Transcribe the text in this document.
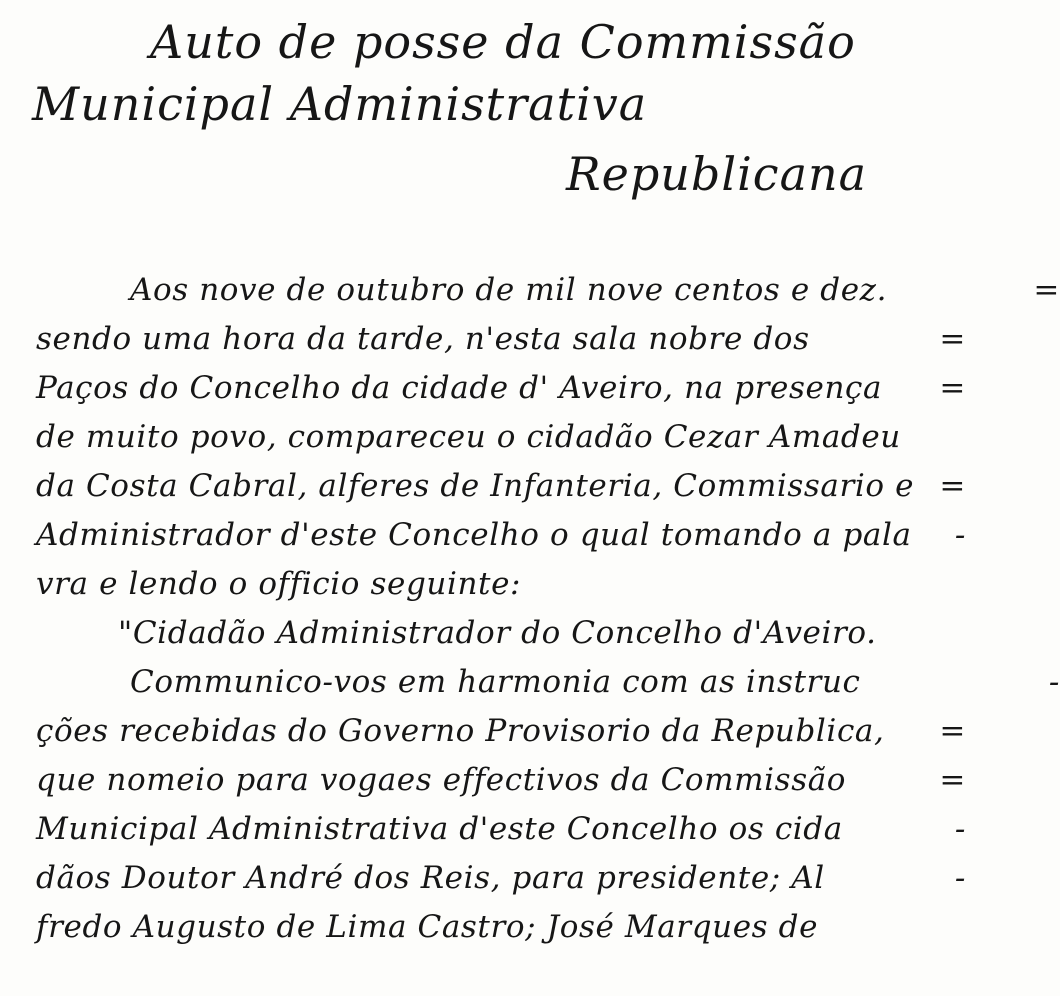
Auto de posse da Commissão
Municipal Administrativa
Republicana
Aos nove de outubro de mil nove centos e dez.	=
sendo uma hora da tarde, n'esta sala nobre dos	=
Paços do Concelho da cidade d' Aveiro, na presença =
de muito povo, compareceu o cidadão Cezar Amadeu
da Costa Cabral, alferes de Infanteria, Commissario e =
Administrador d'este Concelho o qual tomando a pala -
vra e lendo o officio seguinte:
"Cidadão Administrador do Concelho d'Aveiro.
Communico-vos em harmonia com as instruc	-
ções recebidas do Governo Provisorio da Republica, =
que nomeio para vogaes effectivos da Commissão	=
Municipal Administrativa d'este Concelho os cida	-
dãos Doutor André dos Reis, para presidente; Al	-
fredo Augusto de Lima Castro; José Marques de
